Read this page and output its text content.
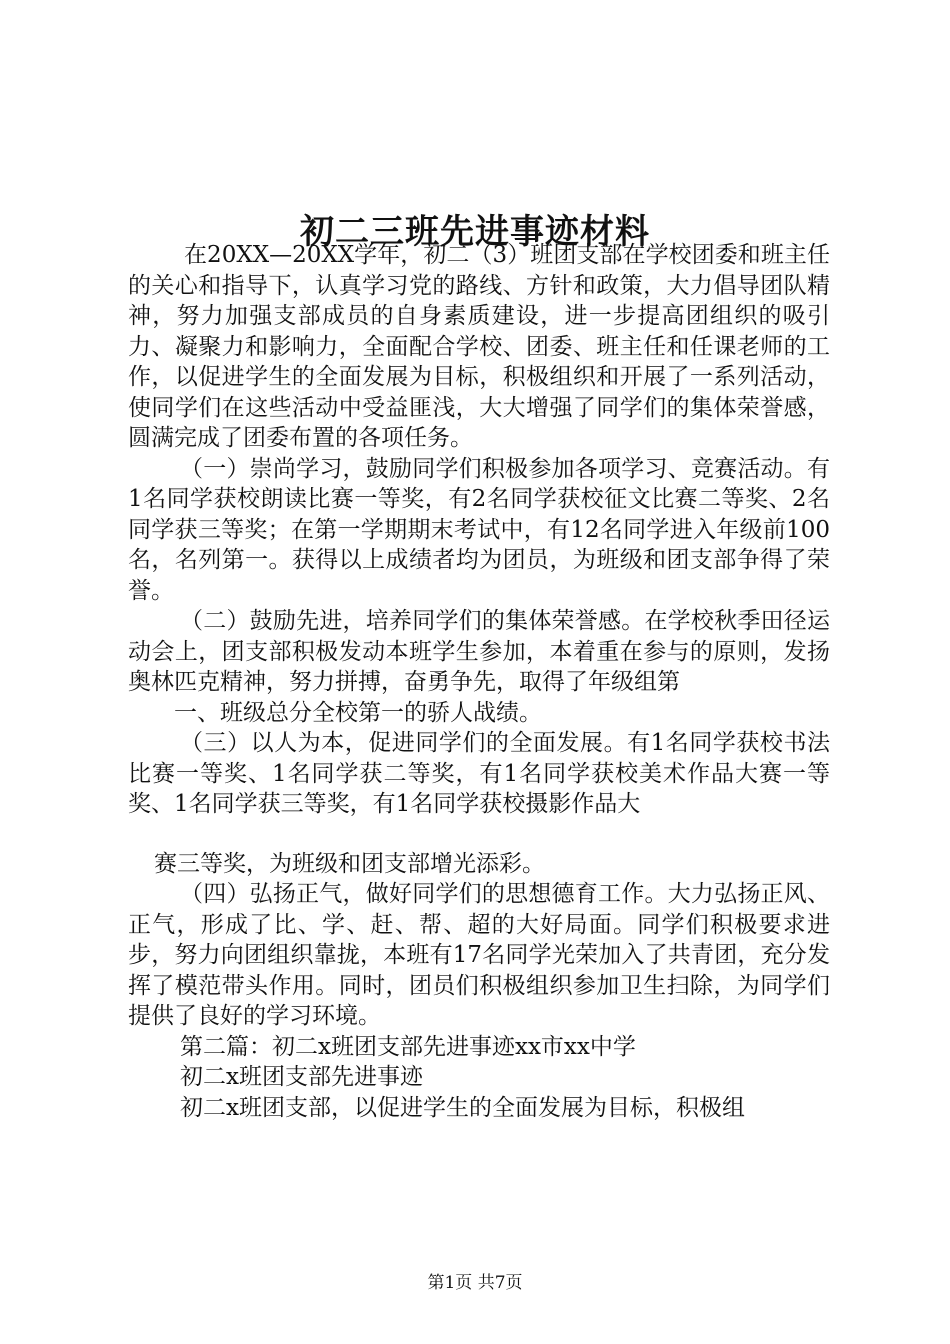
初二三班先进事迹材料

在20XX—20XX学年，初二（3）班团支部在学校团委和班主任的关心和指导下，认真学习党的路线、方针和政策，大力倡导团队精神，努力加强支部成员的自身素质建设，进一步提高团组织的吸引力、凝聚力和影响力，全面配合学校、团委、班主任和任课老师的工作，以促进学生的全面发展为目标，积极组织和开展了一系列活动，使同学们在这些活动中受益匪浅，大大增强了同学们的集体荣誉感，圆满完成了团委布置的各项任务。

（一）崇尚学习，鼓励同学们积极参加各项学习、竞赛活动。有1名同学获校朗读比赛一等奖，有2名同学获校征文比赛二等奖、2名同学获三等奖；在第一学期期末考试中，有12名同学进入年级前100名，名列第一。获得以上成绩者均为团员，为班级和团支部争得了荣誉。

（二）鼓励先进，培养同学们的集体荣誉感。在学校秋季田径运动会上，团支部积极发动本班学生参加，本着重在参与的原则，发扬奥林匹克精神，努力拼搏，奋勇争先，取得了年级组第

一、班级总分全校第一的骄人战绩。

（三）以人为本，促进同学们的全面发展。有1名同学获校书法比赛一等奖、1名同学获二等奖，有1名同学获校美术作品大赛一等奖、1名同学获三等奖，有1名同学获校摄影作品大

赛三等奖，为班级和团支部增光添彩。

（四）弘扬正气，做好同学们的思想德育工作。大力弘扬正风、正气，形成了比、学、赶、帮、超的大好局面。同学们积极要求进步，努力向团组织靠拢，本班有17名同学光荣加入了共青团，充分发挥了模范带头作用。同时，团员们积极组织参加卫生扫除，为同学们提供了良好的学习环境。

第二篇：初二x班团支部先进事迹xx市xx中学

初二x班团支部先进事迹

初二x班团支部，以促进学生的全面发展为目标，积极组

第1页 共7页
